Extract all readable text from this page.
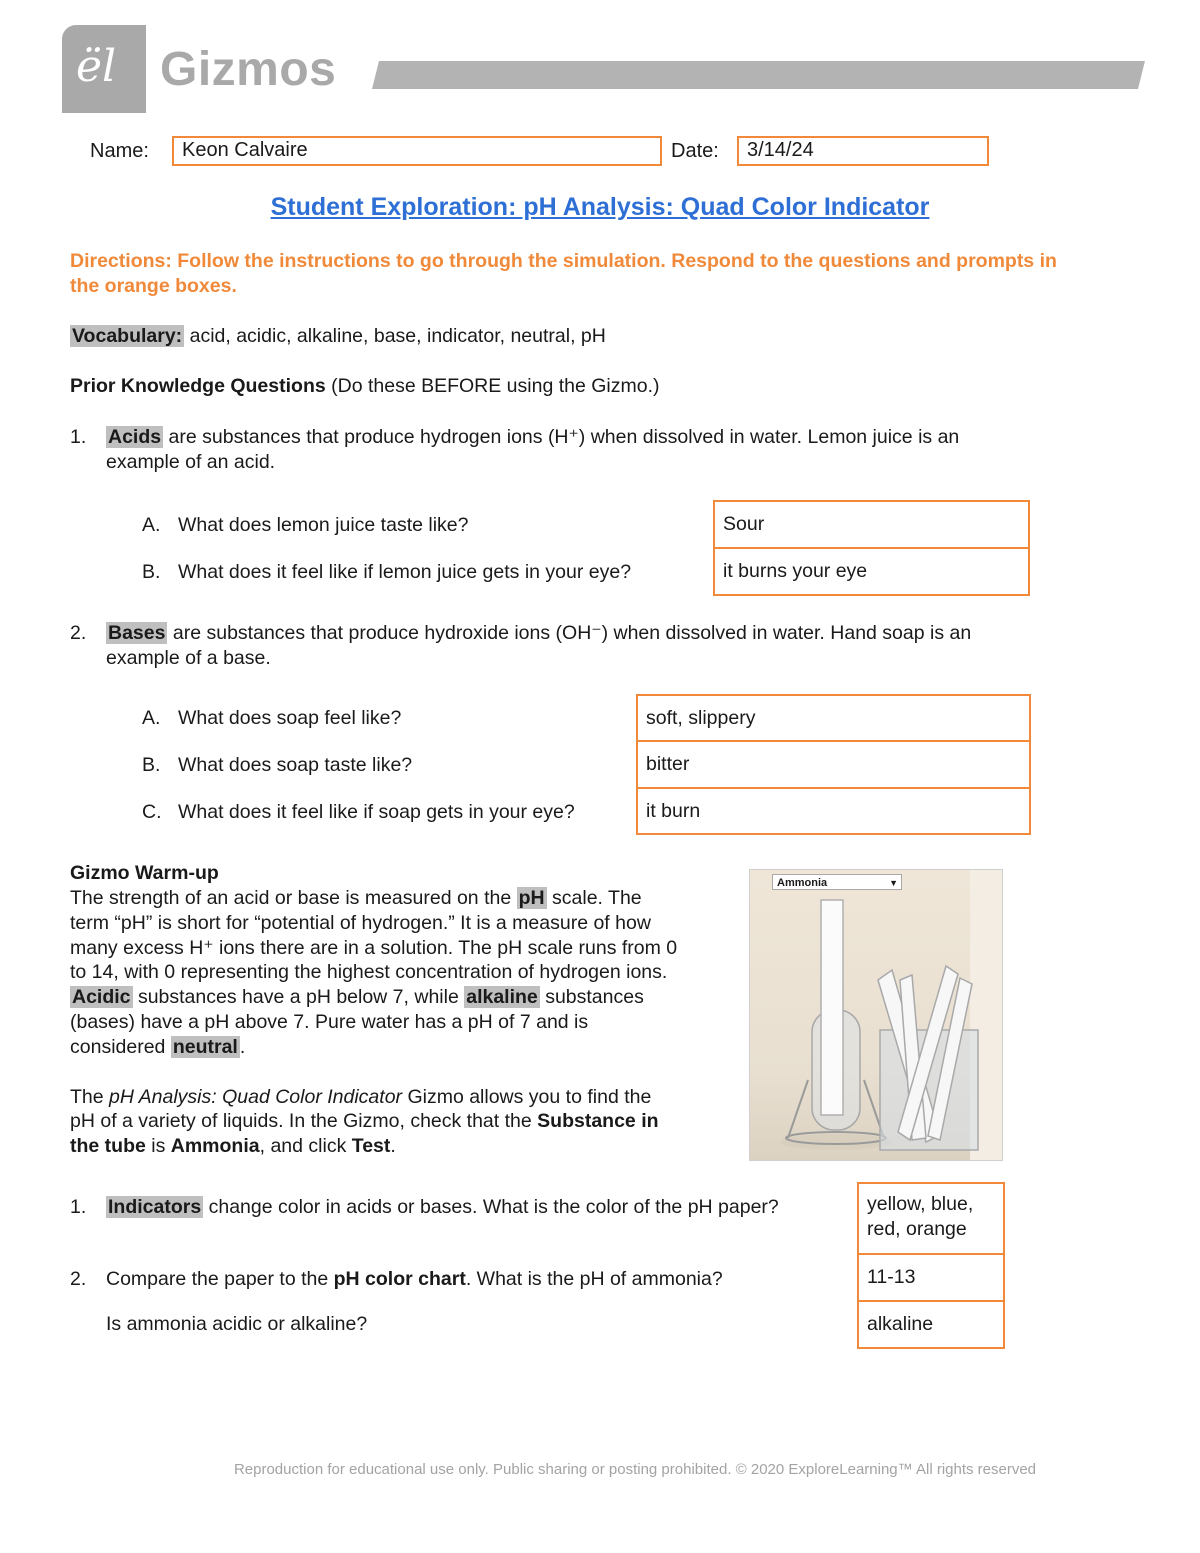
ël Gizmos
Name:	Keon Calvaire	Date:	3/14/24
Student Exploration: pH Analysis: Quad Color Indicator
Directions: Follow the instructions to go through the simulation. Respond to the questions and prompts in the orange boxes.
Vocabulary: acid, acidic, alkaline, base, indicator, neutral, pH
Prior Knowledge Questions (Do these BEFORE using the Gizmo.)
1. Acids are substances that produce hydrogen ions (H⁺) when dissolved in water. Lemon juice is an
example of an acid.
A. What does lemon juice taste like?	Sour
B. What does it feel like if lemon juice gets in your eye?	it burns your eye
2. Bases are substances that produce hydroxide ions (OH⁻) when dissolved in water. Hand soap is an
example of a base.
A. What does soap feel like?	soft, slippery
B. What does soap taste like?	bitter
C. What does it feel like if soap gets in your eye?	it burn
Gizmo Warm-up
The strength of an acid or base is measured on the pH scale. The
term “pH” is short for “potential of hydrogen.” It is a measure of how
many excess H⁺ ions there are in a solution. The pH scale runs from 0
to 14, with 0 representing the highest concentration of hydrogen ions.
Acidic substances have a pH below 7, while alkaline substances
(bases) have a pH above 7. Pure water has a pH of 7 and is
considered neutral .
The pH Analysis: Quad Color Indicator Gizmo allows you to find the
pH of a variety of liquids. In the Gizmo, check that the Substance in
the tube is Ammonia, and click Test.
Ammonia	▼
1. Indicators change color in acids or bases. What is the color of the pH paper?	yellow, blue,
red, orange
2. Compare the paper to the pH color chart. What is the pH of ammonia?	11-13
Is ammonia acidic or alkaline?	alkaline
Reproduction for educational use only. Public sharing or posting prohibited. © 2020 ExploreLearning™ All rights reserved
